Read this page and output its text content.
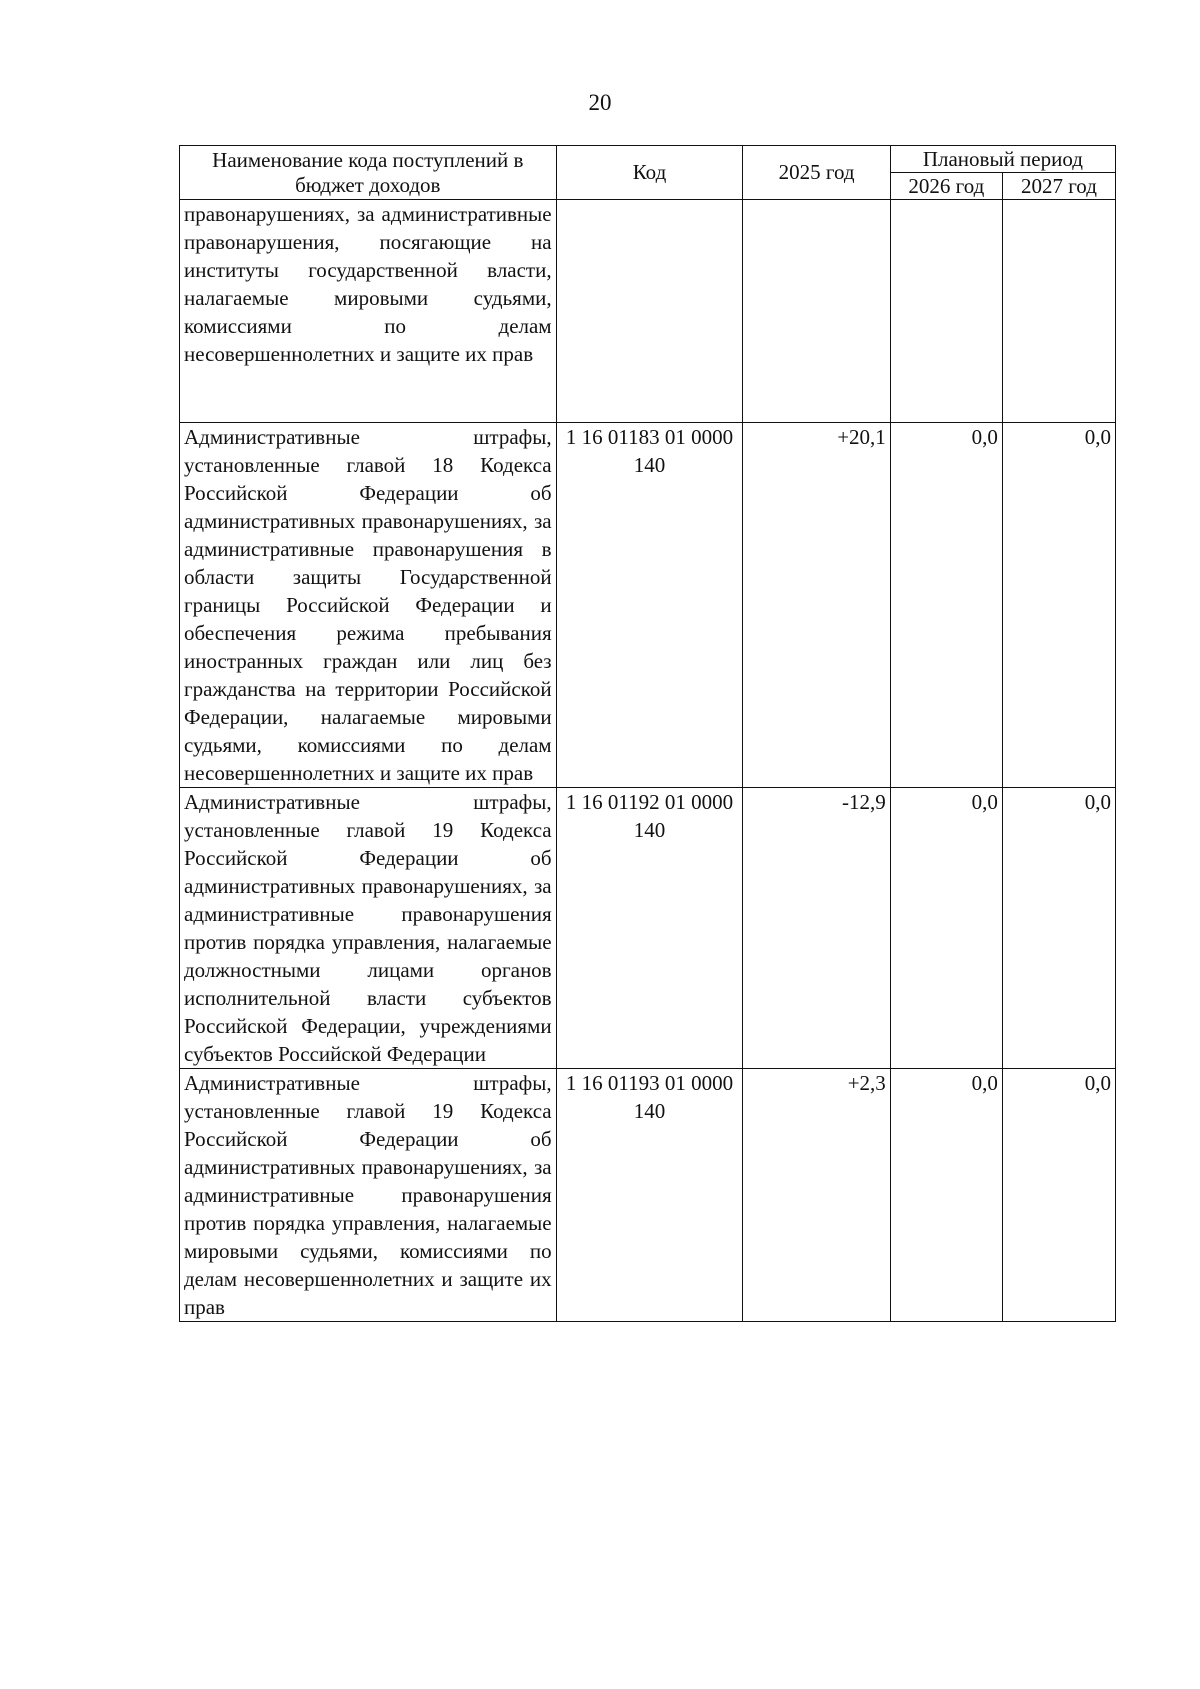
20
Наименование кода поступлений в бюджет доходов	Код	2025 год	Плановый период	
			2026 год	2027 год
правонарушениях, за административные правонарушения, посягающие на институты государственной власти, налагаемые мировыми судьями, комиссиями по делам несовершеннолетних и защите их прав				
Административные штрафы, установленные главой 18 Кодекса Российской Федерации об административных правонарушениях, за административные правонарушения в области защиты Государственной границы Российской Федерации и обеспечения режима пребывания иностранных граждан или лиц без гражданства на территории Российской Федерации, налагаемые мировыми судьями, комиссиями по делам несовершеннолетних и защите их прав	1 16 01183 01 0000 140	+20,1	0,0	0,0
Административные штрафы, установленные главой 19 Кодекса Российской Федерации об административных правонарушениях, за административные правонарушения против порядка управления, налагаемые должностными лицами органов исполнительной власти субъектов Российской Федерации, учреждениями субъектов Российской Федерации	1 16 01192 01 0000 140	-12,9	0,0	0,0
Административные штрафы, установленные главой 19 Кодекса Российской Федерации об административных правонарушениях, за административные правонарушения против порядка управления, налагаемые мировыми судьями, комиссиями по делам несовершеннолетних и защите их прав	1 16 01193 01 0000 140	+2,3	0,0	0,0
